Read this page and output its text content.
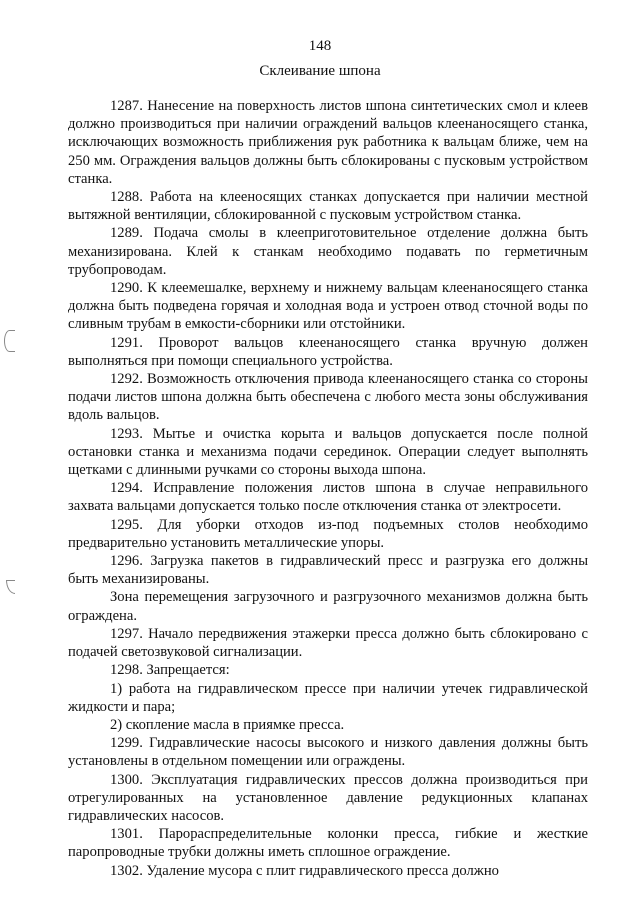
148
Склеивание шпона

1287. Нанесение на поверхность листов шпона синтетических смол и клеев должно производиться при наличии ограждений вальцов клеенаносящего станка, исключающих возможность приближения рук работника к вальцам ближе, чем на 250 мм. Ограждения вальцов должны быть сблокированы с пусковым устройством станка.

1288. Работа на клееносящих станках допускается при наличии местной вытяжной вентиляции, сблокированной с пусковым устройством станка.

1289. Подача смолы в клееприготовительное отделение должна быть механизирована. Клей к станкам необходимо подавать по герметичным трубопроводам.

1290. К клеемешалке, верхнему и нижнему вальцам клеенаносящего станка должна быть подведена горячая и холодная вода и устроен отвод сточной воды по сливным трубам в емкости-сборники или отстойники.

1291. Проворот вальцов клеенаносящего станка вручную должен выполняться при помощи специального устройства.

1292. Возможность отключения привода клеенаносящего станка со стороны подачи листов шпона должна быть обеспечена с любого места зоны обслуживания вдоль вальцов.

1293. Мытье и очистка корыта и вальцов допускается после полной остановки станка и механизма подачи серединок. Операции следует выполнять щетками с длинными ручками со стороны выхода шпона.

1294. Исправление положения листов шпона в случае неправильного захвата вальцами допускается только после отключения станка от электросети.

1295. Для уборки отходов из-под подъемных столов необходимо предварительно установить металлические упоры.

1296. Загрузка пакетов в гидравлический пресс и разгрузка его должны быть механизированы.

Зона перемещения загрузочного и разгрузочного механизмов должна быть ограждена.

1297. Начало передвижения этажерки пресса должно быть сблокировано с подачей светозвуковой сигнализации.

1298. Запрещается:

1) работа на гидравлическом прессе при наличии утечек гидравлической жидкости и пара;

2) скопление масла в приямке пресса.

1299. Гидравлические насосы высокого и низкого давления должны быть установлены в отдельном помещении или ограждены.

1300. Эксплуатация гидравлических прессов должна производиться при отрегулированных на установленное давление редукционных клапанах гидравлических насосов.

1301. Парораспределительные колонки пресса, гибкие и жесткие паропроводные трубки должны иметь сплошное ограждение.

1302. Удаление мусора с плит гидравлического пресса должно
